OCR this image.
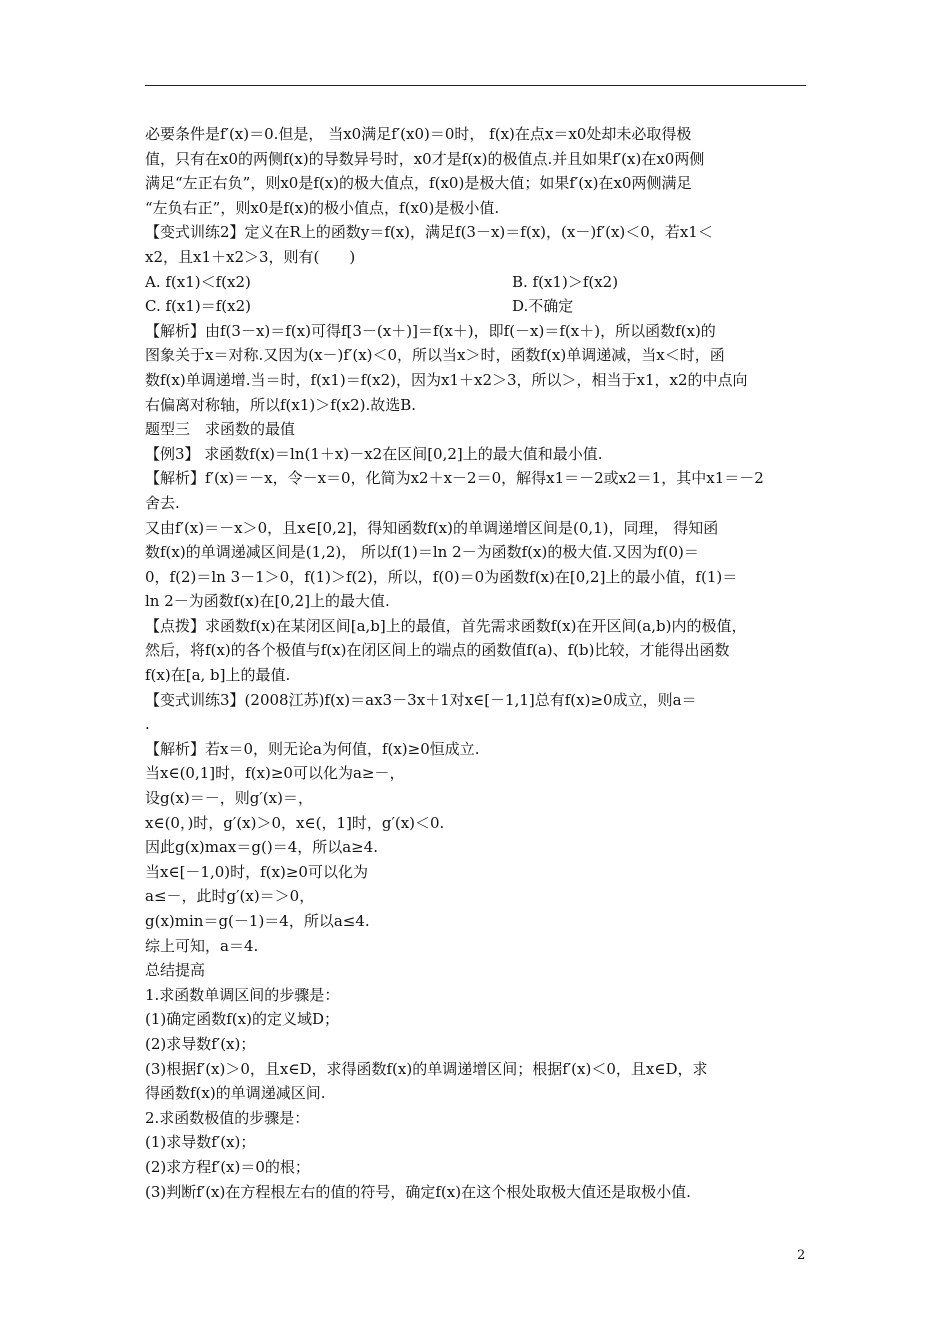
必要条件是f′(x)＝0.但是， 当x0满足f′(x0)＝0时， f(x)在点x＝x0处却未必取得极
值，只有在x0的两侧f(x)的导数异号时，x0才是f(x)的极值点.并且如果f′(x)在x0两侧
满足“左正右负”，则x0是f(x)的极大值点，f(x0)是极大值；如果f′(x)在x0两侧满足
“左负右正”，则x0是f(x)的极小值点，f(x0)是极小值.
【变式训练2】定义在R上的函数y＝f(x)，满足f(3－x)＝f(x)，(x－)f′(x)＜0，若x1＜
x2，且x1＋x2＞3，则有(　　)
A. f(x1)＜f(x2)	B. f(x1)＞f(x2)
C. f(x1)＝f(x2)	D.不确定
【解析】由f(3－x)＝f(x)可得f[3－(x＋)]＝f(x＋)，即f(－x)＝f(x＋)，所以函数f(x)的
图象关于x＝对称.又因为(x－)f′(x)＜0，所以当x＞时，函数f(x)单调递减，当x＜时，函
数f(x)单调递增.当＝时，f(x1)＝f(x2)，因为x1＋x2＞3，所以＞，相当于x1，x2的中点向
右偏离对称轴，所以f(x1)＞f(x2).故选B.
题型三　求函数的最值
【例3】 求函数f(x)＝ln(1＋x)－x2在区间[0,2]上的最大值和最小值.
【解析】f′(x)＝－x，令－x＝0，化简为x2＋x－2＝0，解得x1＝－2或x2＝1，其中x1＝－2
舍去.
又由f′(x)＝－x＞0，且x∈[0,2]，得知函数f(x)的单调递增区间是(0,1)，同理， 得知函
数f(x)的单调递减区间是(1,2)， 所以f(1)＝ln 2－为函数f(x)的极大值.又因为f(0)＝
0，f(2)＝ln 3－1＞0，f(1)＞f(2)，所以，f(0)＝0为函数f(x)在[0,2]上的最小值，f(1)＝
ln 2－为函数f(x)在[0,2]上的最大值.
【点拨】求函数f(x)在某闭区间[a,b]上的最值，首先需求函数f(x)在开区间(a,b)内的极值，
然后，将f(x)的各个极值与f(x)在闭区间上的端点的函数值f(a)、f(b)比较，才能得出函数
f(x)在[a, b]上的最值.
【变式训练3】(2008江苏)f(x)＝ax3－3x＋1对x∈[－1,1]总有f(x)≥0成立，则a＝
.
【解析】若x＝0，则无论a为何值，f(x)≥0恒成立.
当x∈(0,1]时，f(x)≥0可以化为a≥－，
设g(x)＝－，则g′(x)＝，
x∈(0，)时，g′(x)＞0，x∈(，1]时，g′(x)＜0.
因此g(x)max＝g()＝4，所以a≥4.
当x∈[－1,0)时，f(x)≥0可以化为
a≤－，此时g′(x)＝＞0，
g(x)min＝g(－1)＝4，所以a≤4.
综上可知，a＝4.
总结提高
1.求函数单调区间的步骤是：
(1)确定函数f(x)的定义域D；
(2)求导数f′(x)；
(3)根据f′(x)＞0，且x∈D，求得函数f(x)的单调递增区间；根据f′(x)＜0，且x∈D，求
得函数f(x)的单调递减区间.
2.求函数极值的步骤是：
(1)求导数f′(x)；
(2)求方程f′(x)＝0的根；
(3)判断f′(x)在方程根左右的值的符号，确定f(x)在这个根处取极大值还是取极小值.
2
